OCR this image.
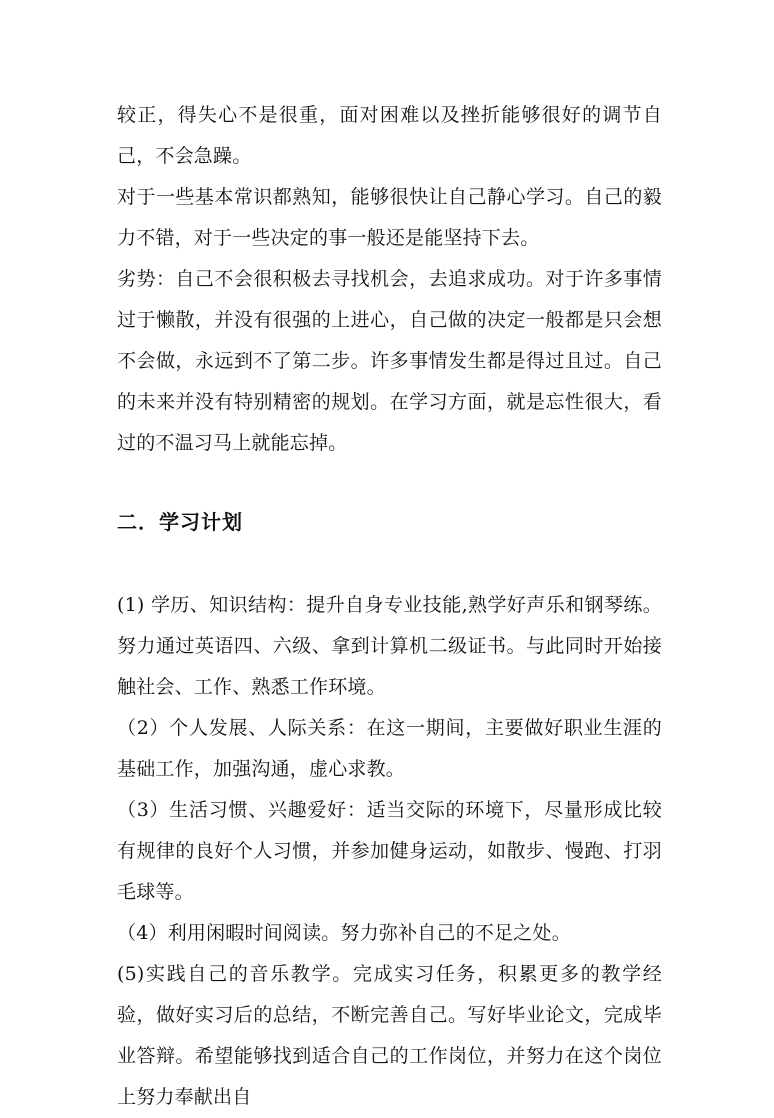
较正，得失心不是很重，面对困难以及挫折能够很好的调节自己，不会急躁。

对于一些基本常识都熟知，能够很快让自己静心学习。自己的毅力不错，对于一些决定的事一般还是能坚持下去。

劣势：自己不会很积极去寻找机会，去追求成功。对于许多事情过于懒散，并没有很强的上进心，自己做的决定一般都是只会想不会做，永远到不了第二步。许多事情发生都是得过且过。自己的未来并没有特别精密的规划。在学习方面，就是忘性很大，看过的不温习马上就能忘掉。

二．学习计划

(1) 学历、知识结构：提升自身专业技能,熟学好声乐和钢琴练。努力通过英语四、六级、拿到计算机二级证书。与此同时开始接触社会、工作、熟悉工作环境。

（2）个人发展、人际关系：在这一期间，主要做好职业生涯的基础工作，加强沟通，虚心求教。

（3）生活习惯、兴趣爱好：适当交际的环境下，尽量形成比较有规律的良好个人习惯，并参加健身运动，如散步、慢跑、打羽毛球等。

（4）利用闲暇时间阅读。努力弥补自己的不足之处。

(5)实践自己的音乐教学。完成实习任务，积累更多的教学经验，做好实习后的总结，不断完善自己。写好毕业论文，完成毕业答辩。希望能够找到适合自己的工作岗位，并努力在这个岗位上努力奉献出自
